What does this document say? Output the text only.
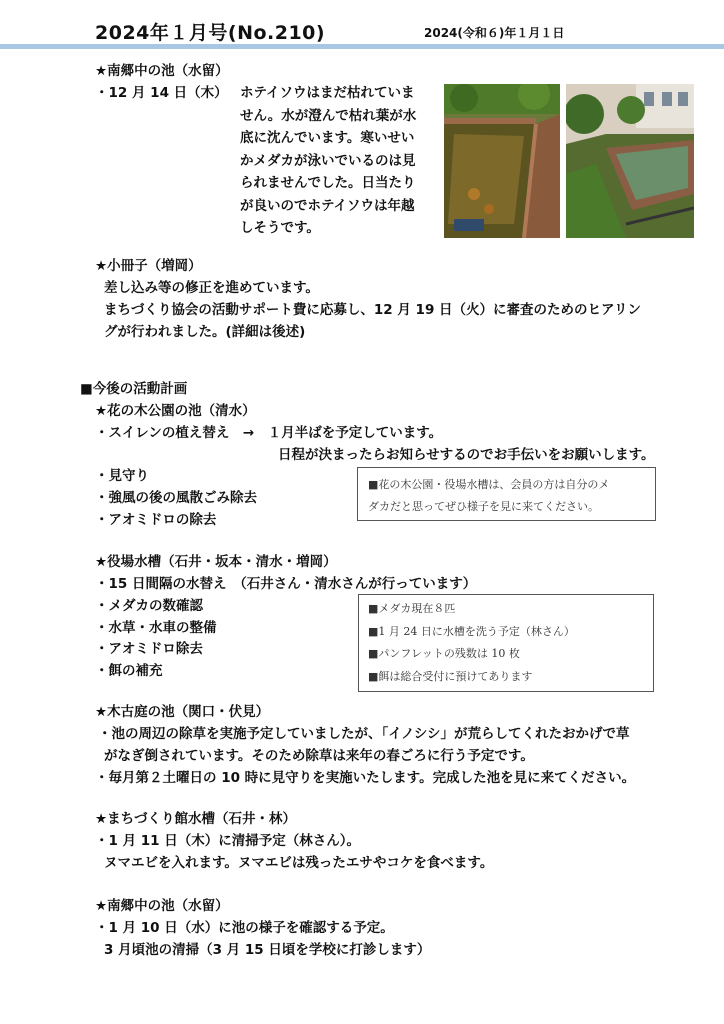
2024年１月号(No.210)	2024(令和６)年１月１日
★南郷中の池（水留）
・12 月 14 日（木） ホテイソウはまだ枯れていま
せん。水が澄んで枯れ葉が水
底に沈んでいます。寒いせい
かメダカが泳いでいるのは見
られませんでした。日当たり
が良いのでホテイソウは年越
しそうです。
★小冊子（増岡）
差し込み等の修正を進めています。
まちづくり協会の活動サポート費に応募し、12 月 19 日（火）に審査のためのヒアリン
グが行われました。(詳細は後述)
■今後の活動計画
★花の木公園の池（清水）
・スイレンの植え替え　→　１月半ばを予定しています。
日程が決まったらお知らせするのでお手伝いをお願いします。
・見守り
・強風の後の風散ごみ除去
・アオミドロの除去
■花の木公園・役場水槽は、会員の方は自分のメ
ダカだと思ってぜひ様子を見に来てください。
★役場水槽（石井・坂本・清水・増岡）
・15 日間隔の水替え　（石井さん・清水さんが行っています）
・メダカの数確認
・水草・水車の整備
・アオミドロ除去
・餌の補充
■メダカ現在８匹
■1 月 24 日に水槽を洗う予定（林さん）
■パンフレットの残数は 10 枚
■餌は総合受付に預けてあります
★木古庭の池（関口・伏見）
・池の周辺の除草を実施予定していましたが、「イノシシ」が荒らしてくれたおかげで草
がなぎ倒されています。そのため除草は来年の春ごろに行う予定です。
・毎月第２土曜日の 10 時に見守りを実施いたします。完成した池を見に来てください。
★まちづくり館水槽（石井・林）
・1 月 11 日（木）に清掃予定（林さん）。
ヌマエビを入れます。ヌマエビは残ったエサやコケを食べます。
★南郷中の池（水留）
・1 月 10 日（水）に池の様子を確認する予定。
3 月頃池の清掃（3 月 15 日頃を学校に打診します）
